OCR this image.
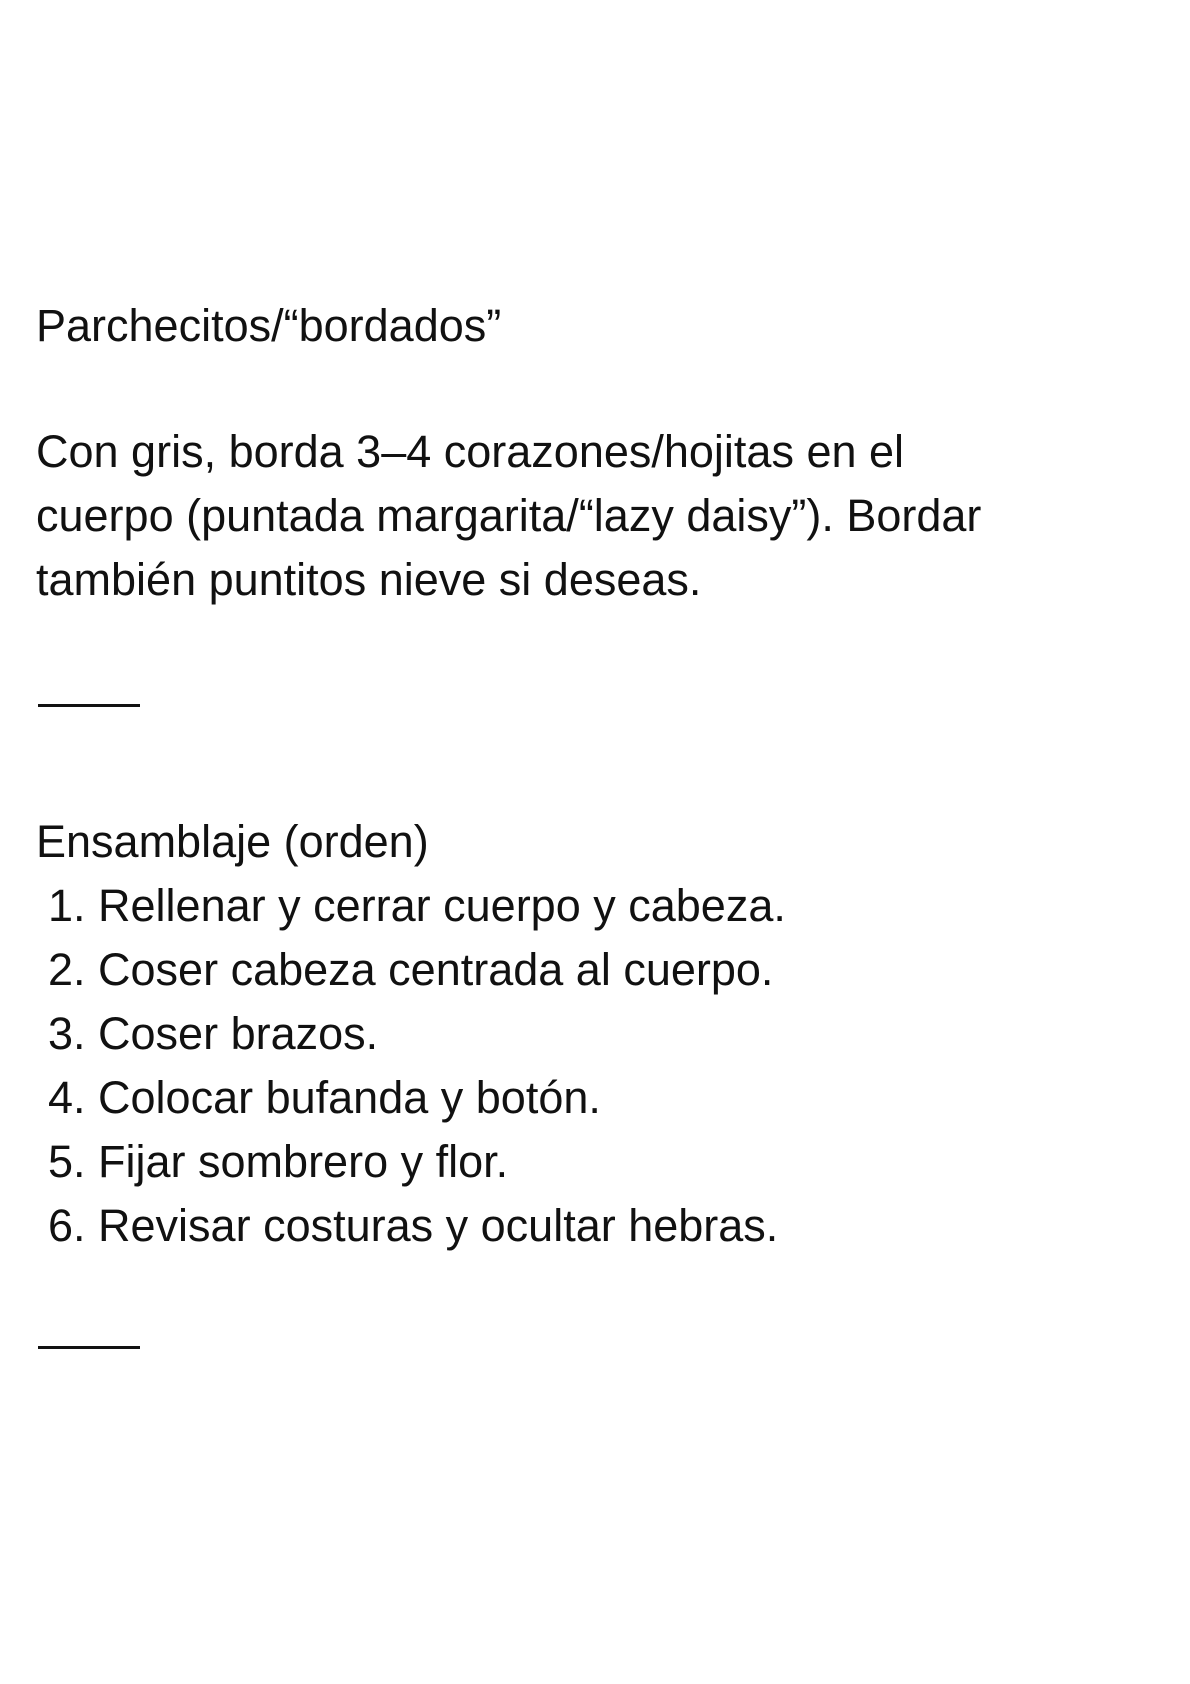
Parchecitos/“bordados”
Con gris, borda 3–4 corazones/hojitas en el
cuerpo (puntada margarita/“lazy daisy”). Bordar
también puntitos nieve si deseas.
Ensamblaje (orden)
1. Rellenar y cerrar cuerpo y cabeza.
2. Coser cabeza centrada al cuerpo.
3. Coser brazos.
4. Colocar bufanda y botón.
5. Fijar sombrero y flor.
6. Revisar costuras y ocultar hebras.
